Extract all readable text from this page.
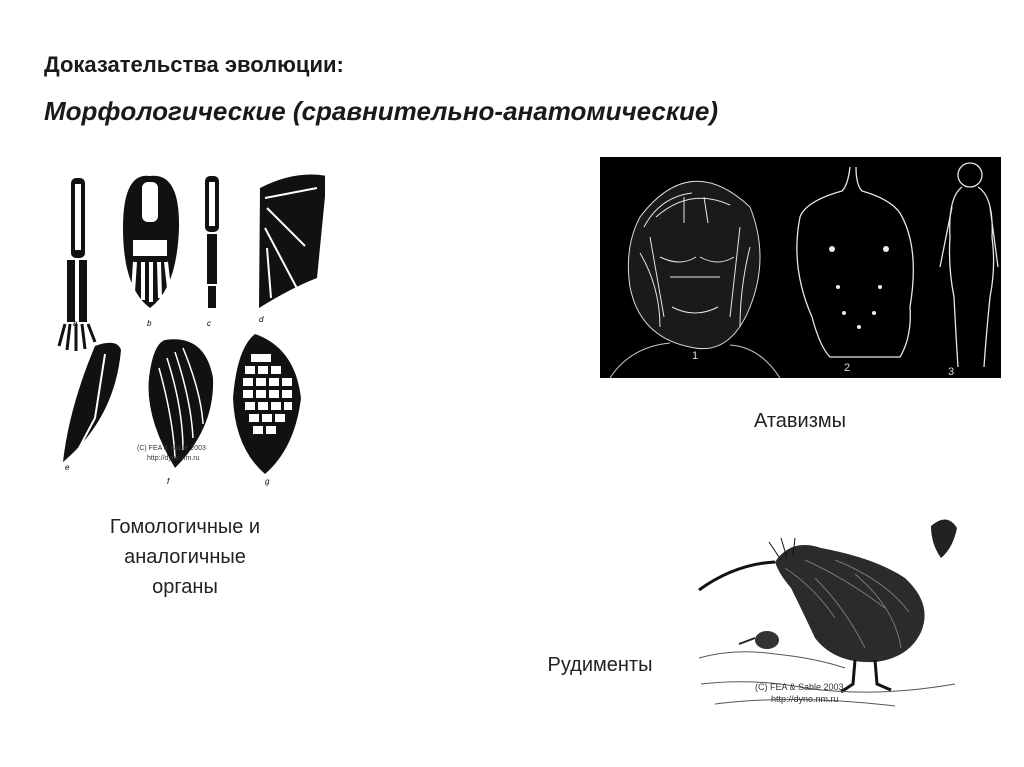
Доказательства эволюции:
Морфологические (сравнительно-анатомические)
a	b	c	d
e
f	g
(C) FEA & Sable 2003
http://dyno.nm.ru
1
2	3
(C) FEA & Sable 2003
http://dyno.nm.ru
Гомологичные и
аналогичные
органы
Атавизмы
Рудименты
